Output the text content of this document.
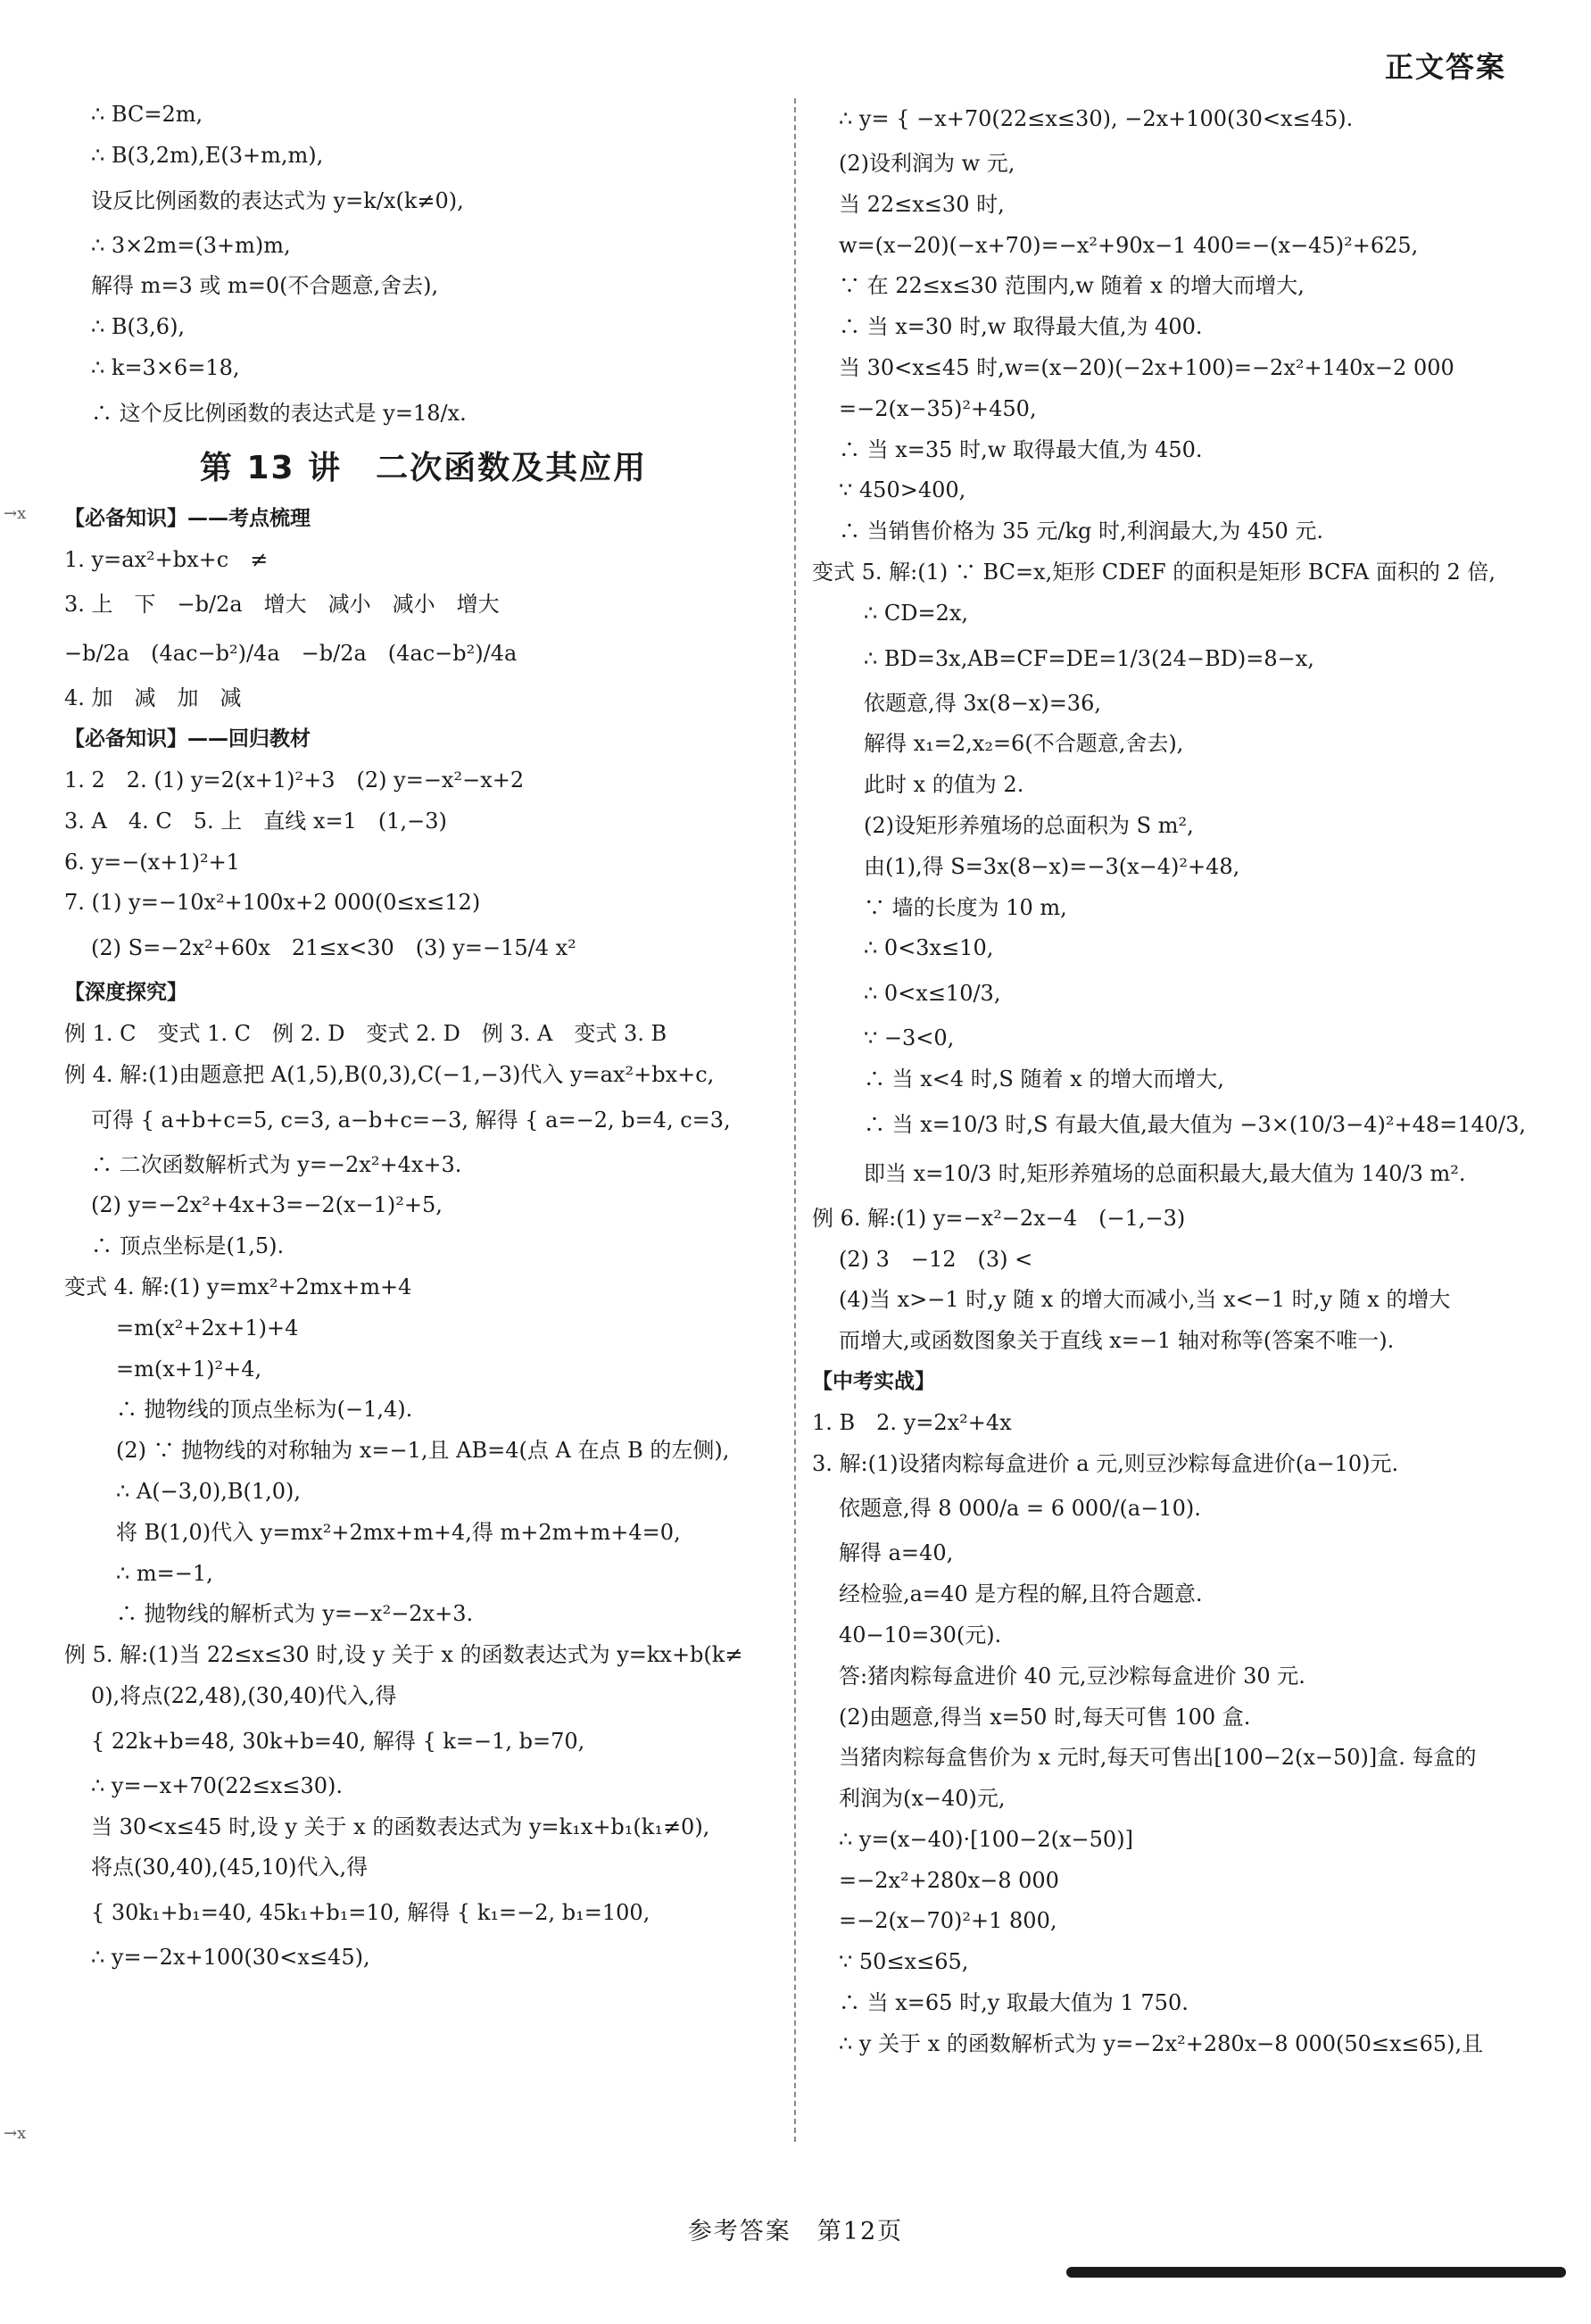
正文答案
∴ BC=2m,
∴ B(3,2m),E(3+m,m),
设反比例函数的表达式为 y=k/x(k≠0),
∴ 3×2m=(3+m)m,
解得 m=3 或 m=0(不合题意,舍去),
∴ B(3,6),
∴ k=3×6=18,
∴ 这个反比例函数的表达式是 y=18/x.
第 13 讲　二次函数及其应用
【必备知识】——考点梳理
1. y=ax²+bx+c　≠
3. 上　下　−b/2a　增大　减小　减小　增大
−b/2a　(4ac−b²)/4a　−b/2a　(4ac−b²)/4a
4. 加　减　加　减
【必备知识】——回归教材
1. 2　2. (1) y=2(x+1)²+3　(2) y=−x²−x+2
3. A　4. C　5. 上　直线 x=1　(1,−3)
6. y=−(x+1)²+1
7. (1) y=−10x²+100x+2 000(0≤x≤12)
(2) S=−2x²+60x　21≤x<30　(3) y=−15/4 x²
【深度探究】
例 1. C　变式 1. C　例 2. D　变式 2. D　例 3. A　变式 3. B
例 4. 解:(1)由题意把 A(1,5),B(0,3),C(−1,−3)代入 y=ax²+bx+c,
可得 { a+b+c=5, c=3, a−b+c=−3, 解得 { a=−2, b=4, c=3,
∴ 二次函数解析式为 y=−2x²+4x+3.
(2) y=−2x²+4x+3=−2(x−1)²+5,
∴ 顶点坐标是(1,5).
变式 4. 解:(1) y=mx²+2mx+m+4
=m(x²+2x+1)+4
=m(x+1)²+4,
∴ 抛物线的顶点坐标为(−1,4).
(2) ∵ 抛物线的对称轴为 x=−1,且 AB=4(点 A 在点 B 的左侧),
∴ A(−3,0),B(1,0),
将 B(1,0)代入 y=mx²+2mx+m+4,得 m+2m+m+4=0,
∴ m=−1,
∴ 抛物线的解析式为 y=−x²−2x+3.
例 5. 解:(1)当 22≤x≤30 时,设 y 关于 x 的函数表达式为 y=kx+b(k≠
0),将点(22,48),(30,40)代入,得
{ 22k+b=48, 30k+b=40, 解得 { k=−1, b=70,
∴ y=−x+70(22≤x≤30).
当 30<x≤45 时,设 y 关于 x 的函数表达式为 y=k₁x+b₁(k₁≠0),
将点(30,40),(45,10)代入,得
{ 30k₁+b₁=40, 45k₁+b₁=10, 解得 { k₁=−2, b₁=100,
∴ y=−2x+100(30<x≤45),
∴ y= { −x+70(22≤x≤30), −2x+100(30<x≤45).
(2)设利润为 w 元,
当 22≤x≤30 时,
w=(x−20)(−x+70)=−x²+90x−1 400=−(x−45)²+625,
∵ 在 22≤x≤30 范围内,w 随着 x 的增大而增大,
∴ 当 x=30 时,w 取得最大值,为 400.
当 30<x≤45 时,w=(x−20)(−2x+100)=−2x²+140x−2 000
=−2(x−35)²+450,
∴ 当 x=35 时,w 取得最大值,为 450.
∵ 450>400,
∴ 当销售价格为 35 元/kg 时,利润最大,为 450 元.
变式 5. 解:(1) ∵ BC=x,矩形 CDEF 的面积是矩形 BCFA 面积的 2 倍,
∴ CD=2x,
∴ BD=3x,AB=CF=DE=1/3(24−BD)=8−x,
依题意,得 3x(8−x)=36,
解得 x₁=2,x₂=6(不合题意,舍去),
此时 x 的值为 2.
(2)设矩形养殖场的总面积为 S m²,
由(1),得 S=3x(8−x)=−3(x−4)²+48,
∵ 墙的长度为 10 m,
∴ 0<3x≤10,
∴ 0<x≤10/3,
∵ −3<0,
∴ 当 x<4 时,S 随着 x 的增大而增大,
∴ 当 x=10/3 时,S 有最大值,最大值为 −3×(10/3−4)²+48=140/3,
即当 x=10/3 时,矩形养殖场的总面积最大,最大值为 140/3 m².
例 6. 解:(1) y=−x²−2x−4　(−1,−3)
(2) 3　−12　(3) <
(4)当 x>−1 时,y 随 x 的增大而减小,当 x<−1 时,y 随 x 的增大
而增大,或函数图象关于直线 x=−1 轴对称等(答案不唯一).
【中考实战】
1. B　2. y=2x²+4x
3. 解:(1)设猪肉粽每盒进价 a 元,则豆沙粽每盒进价(a−10)元.
依题意,得 8 000/a = 6 000/(a−10).
解得 a=40,
经检验,a=40 是方程的解,且符合题意.
40−10=30(元).
答:猪肉粽每盒进价 40 元,豆沙粽每盒进价 30 元.
(2)由题意,得当 x=50 时,每天可售 100 盒.
当猪肉粽每盒售价为 x 元时,每天可售出[100−2(x−50)]盒. 每盒的
利润为(x−40)元,
∴ y=(x−40)·[100−2(x−50)]
=−2x²+280x−8 000
=−2(x−70)²+1 800,
∵ 50≤x≤65,
∴ 当 x=65 时,y 取最大值为 1 750.
∴ y 关于 x 的函数解析式为 y=−2x²+280x−8 000(50≤x≤65),且
→x
→x
参考答案　第12页
